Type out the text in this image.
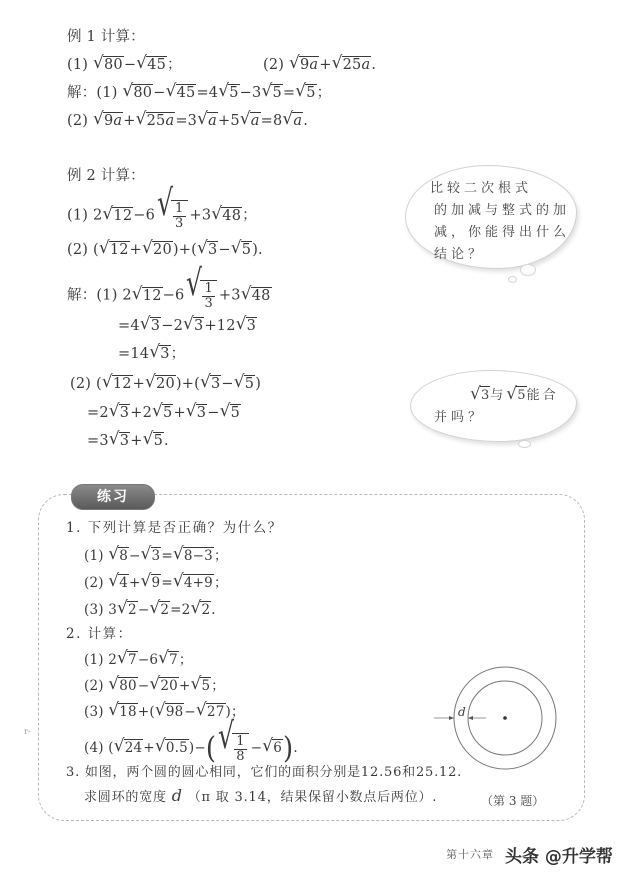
例 1 计算：
(1) √ 80− √ 45；	(2) √ 9a+ √ 25a.
解：(1) √ 80− √ 45=4 √ 5−3 √ 5= √ 5；
(2) √ 9a+ √ 25a=3 √ a+5 √ a=8 √ a.
例 2 计算：
(1) 2 √ 12−6 √ $\frac{1}{3} +3$ √ 48；
(2) ( √ 12+ √ 20)+( √ 3− √ 5).
解：(1) 2 √ 12−6 √ $\frac{1}{3} +3$ √ 48
=4 √ 3−2 √ 3+12 √ 3
=14 √ 3；
(2) ( √ 12+ √ 20)+( √ 3− √ 5)
=2 √ 3+2 √ 5+ √ 3− √ 5
=3 √ 3+ √ 5.
比较二次根式
的加减与整式的加
减，你能得出什么
结论？
√ 3与 √ 5能合
并吗？
练习
1. 下列计算是否正确？为什么？
(1) √ 8− √ 3= √ 8−3；
(2) √ 4+ √ 9= √ 4+9；
(3) 3 √ 2− √ 2=2 √ 2.
2. 计算：
(1) 2 √ 7−6 √ 7；
(2) √ 80− √ 20+ √ 5；
(3) √ 18+( √ 98− √ 27)；
(4) ( √ 24+ √ 0.5)−( √ $\frac{1}{8}$ − √ 6).
3. 如图，两个圆的圆心相同，它们的面积分别是12.56和25.12.
求圆环的宽度 d （π 取 3.14，结果保留小数点后两位）.
d
（第 3 题）
r-
第十六章 头条 @升学帮
